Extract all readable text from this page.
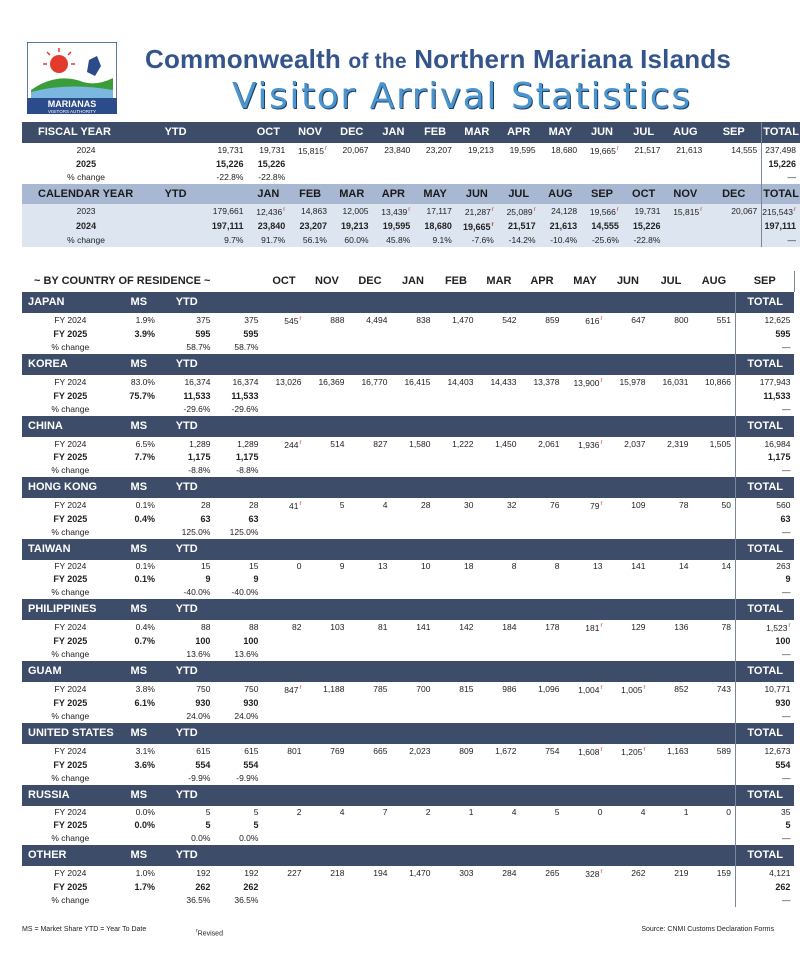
MARIANAS
VISITORS AUTHORITY
Commonwealth of the Northern Mariana Islands
Visitor Arrival Statistics
FISCAL YEAR	YTD		OCT	NOV	DEC	JAN	FEB	MAR	APR	MAY	JUN	JUL	AUG	SEP	TOTAL
2024		19,731	19,731	15,815$^r$	20,067	23,840	23,207	19,213	19,595	18,680	19,665$^r$	21,517	21,613	14,555	237,498
2025		15,226	15,226												15,226
% change		-22.8%	-22.8%												—

CALENDAR YEAR	YTD		JAN	FEB	MAR	APR	MAY	JUN	JUL	AUG	SEP	OCT	NOV	DEC	TOTAL
2023		179,661	12,436$^r$	14,863	12,005	13,439$^r$	17,117	21,287$^r$	25,089$^r$	24,128	19,566$^r$	19,731	15,815$^r$	20,067	215,543$^r$
2024		197,111	23,840	23,207	19,213	19,595	18,680	19,665$^r$	21,517	21,613	14,555	15,226			197,111
% change		9.7%	91.7%	56.1%	60.0%	45.8%	9.1%	-7.6%	-14.2%	-10.4%	-25.6%	-22.8%			—
~ BY COUNTRY OF RESIDENCE ~				OCT	NOV	DEC	JAN	FEB	MAR	APR	MAY	JUN	JUL	AUG	SEP	
JAPAN	MS	YTD													TOTAL	
FY 2024	1.9%	375	375	545$^r$	888	4,494	838	1,470	542	859	616$^r$	647	800	551	12,625	
FY 2025	3.9%	595	595												595	
% change		58.7%	58.7%												—	
KOREA	MS	YTD													TOTAL	
FY 2024	83.0%	16,374	16,374	13,026	16,369	16,770	16,415	14,403	14,433	13,378	13,900$^r$	15,978	16,031	10,866	177,943	
FY 2025	75.7%	11,533	11,533												11,533	
% change		-29.6%	-29.6%												—	
CHINA	MS	YTD													TOTAL	
FY 2024	6.5%	1,289	1,289	244$^r$	514	827	1,580	1,222	1,450	2,061	1,936$^r$	2,037	2,319	1,505	16,984	
FY 2025	7.7%	1,175	1,175												1,175	
% change		-8.8%	-8.8%												—	
HONG KONG	MS	YTD													TOTAL	
FY 2024	0.1%	28	28	41$^r$	5	4	28	30	32	76	79$^r$	109	78	50	560	
FY 2025	0.4%	63	63												63	
% change		125.0%	125.0%												—	
TAIWAN	MS	YTD													TOTAL	
FY 2024	0.1%	15	15	0	9	13	10	18	8	8	13	141	14	14	263	
FY 2025	0.1%	9	9												9	
% change		-40.0%	-40.0%												—	
PHILIPPINES	MS	YTD													TOTAL	
FY 2024	0.4%	88	88	82	103	81	141	142	184	178	181$^r$	129	136	78	1,523$^r$
FY 2025	0.7%	100	100												100	
% change		13.6%	13.6%												—	
GUAM	MS	YTD													TOTAL	
FY 2024	3.8%	750	750	847$^r$	1,188	785	700	815	986	1,096	1,004$^r$	1,005$^r$	852	743	10,771	
FY 2025	6.1%	930	930												930	
% change		24.0%	24.0%												—	
UNITED STATES	MS	YTD													TOTAL	
FY 2024	3.1%	615	615	801	769	665	2,023	809	1,672	754	1,608$^r$	1,205$^r$	1,163	589	12,673	
FY 2025	3.6%	554	554												554	
% change		-9.9%	-9.9%												—	
RUSSIA	MS	YTD													TOTAL	
FY 2024	0.0%	5	5	2	4	7	2	1	4	5	0	4	1	0	35	
FY 2025	0.0%	5	5												5	
% change		0.0%	0.0%												—	
OTHER	MS	YTD													TOTAL	
FY 2024	1.0%	192	192	227	218	194	1,470	303	284	265	328$^r$	262	219	159	4,121	
FY 2025	1.7%	262	262												262	
% change		36.5%	36.5%												—	
MS = Market Share YTD = Year To Date	$^r$Revised
Source: CNMI Customs Declaration Forms
